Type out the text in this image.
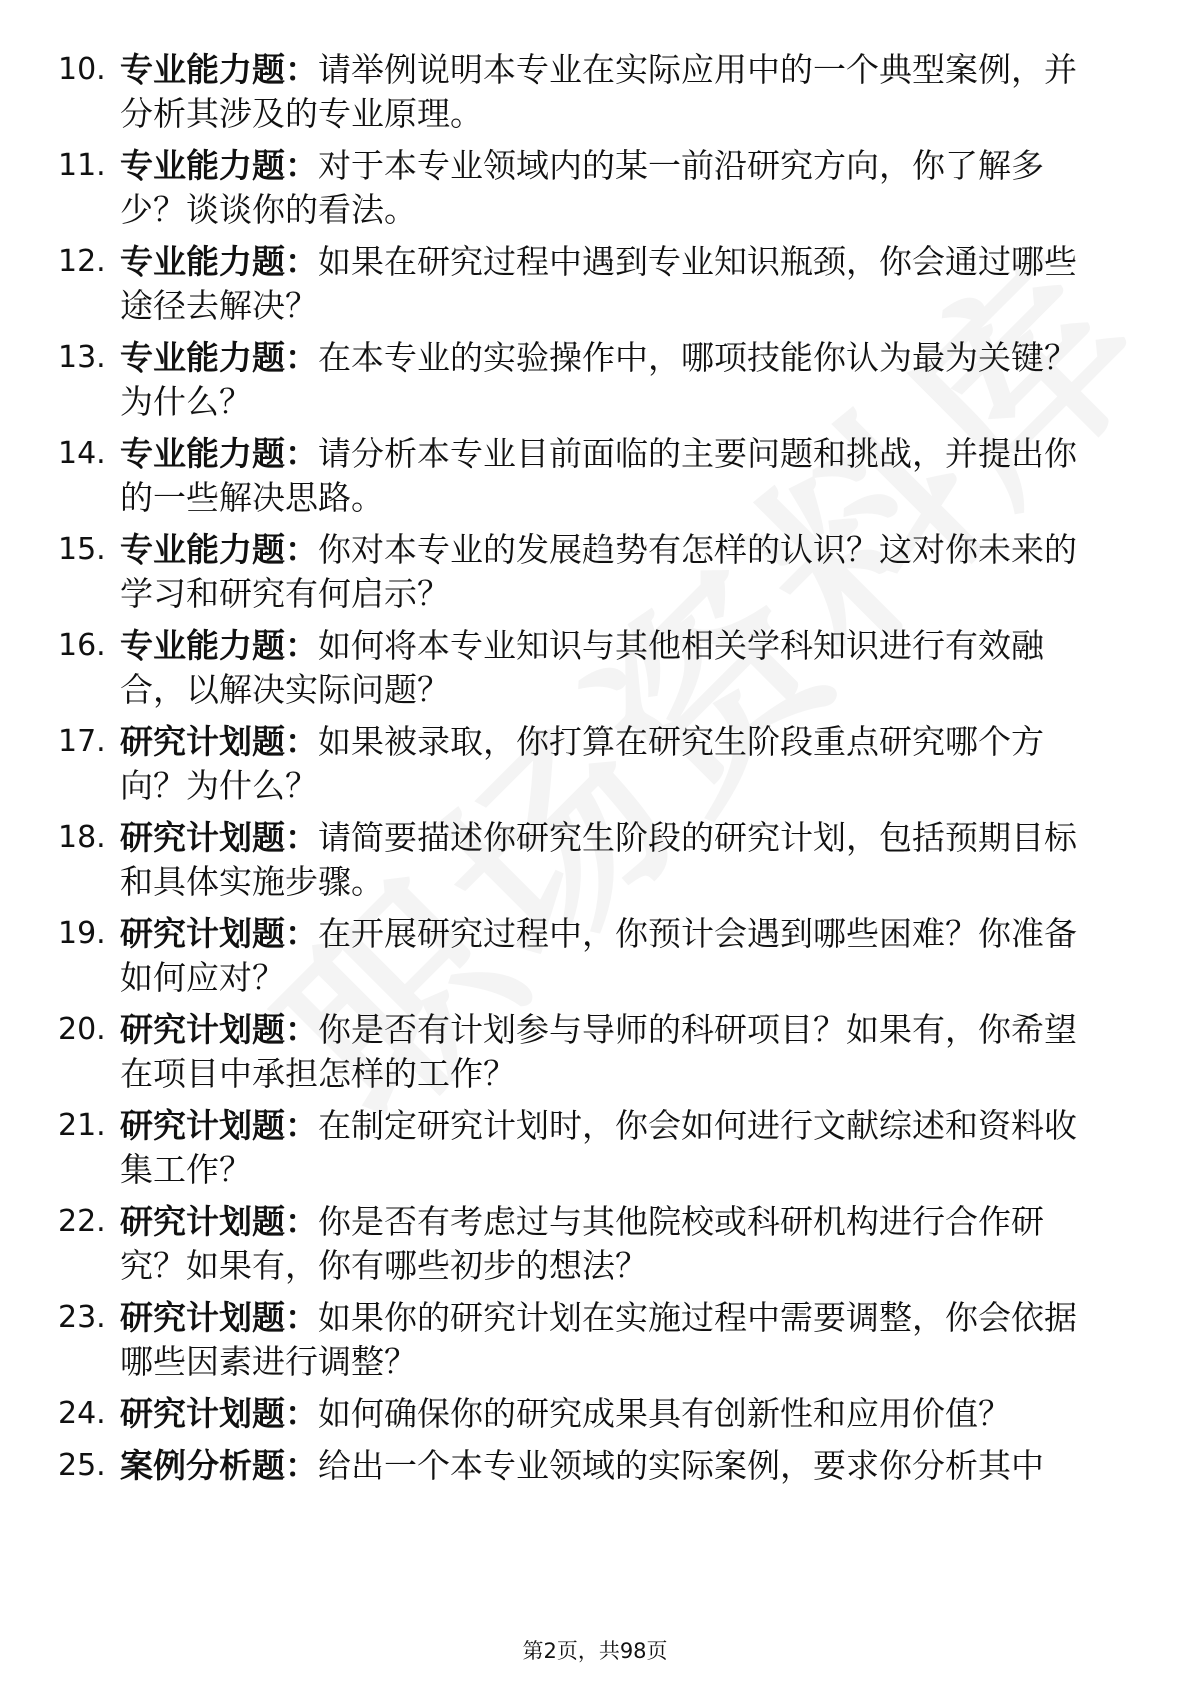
10. 专业能力题：请举例说明本专业在实际应用中的一个典型案例，并分析其涉及的专业原理。
11. 专业能力题：对于本专业领域内的某一前沿研究方向，你了解多少？谈谈你的看法。
12. 专业能力题：如果在研究过程中遇到专业知识瓶颈，你会通过哪些途径去解决？
13. 专业能力题：在本专业的实验操作中，哪项技能你认为最为关键？为什么？
14. 专业能力题：请分析本专业目前面临的主要问题和挑战，并提出你的一些解决思路。
15. 专业能力题：你对本专业的发展趋势有怎样的认识？这对你未来的学习和研究有何启示？
16. 专业能力题：如何将本专业知识与其他相关学科知识进行有效融合，以解决实际问题？
17. 研究计划题：如果被录取，你打算在研究生阶段重点研究哪个方向？为什么？
18. 研究计划题：请简要描述你研究生阶段的研究计划，包括预期目标和具体实施步骤。
19. 研究计划题：在开展研究过程中，你预计会遇到哪些困难？你准备如何应对？
20. 研究计划题：你是否有计划参与导师的科研项目？如果有，你希望在项目中承担怎样的工作？
21. 研究计划题：在制定研究计划时，你会如何进行文献综述和资料收集工作？
22. 研究计划题：你是否有考虑过与其他院校或科研机构进行合作研究？如果有，你有哪些初步的想法？
23. 研究计划题：如果你的研究计划在实施过程中需要调整，你会依据哪些因素进行调整？
24. 研究计划题：如何确保你的研究成果具有创新性和应用价值？
25. 案例分析题：给出一个本专业领域的实际案例，要求你分析其中
第2页，共98页
